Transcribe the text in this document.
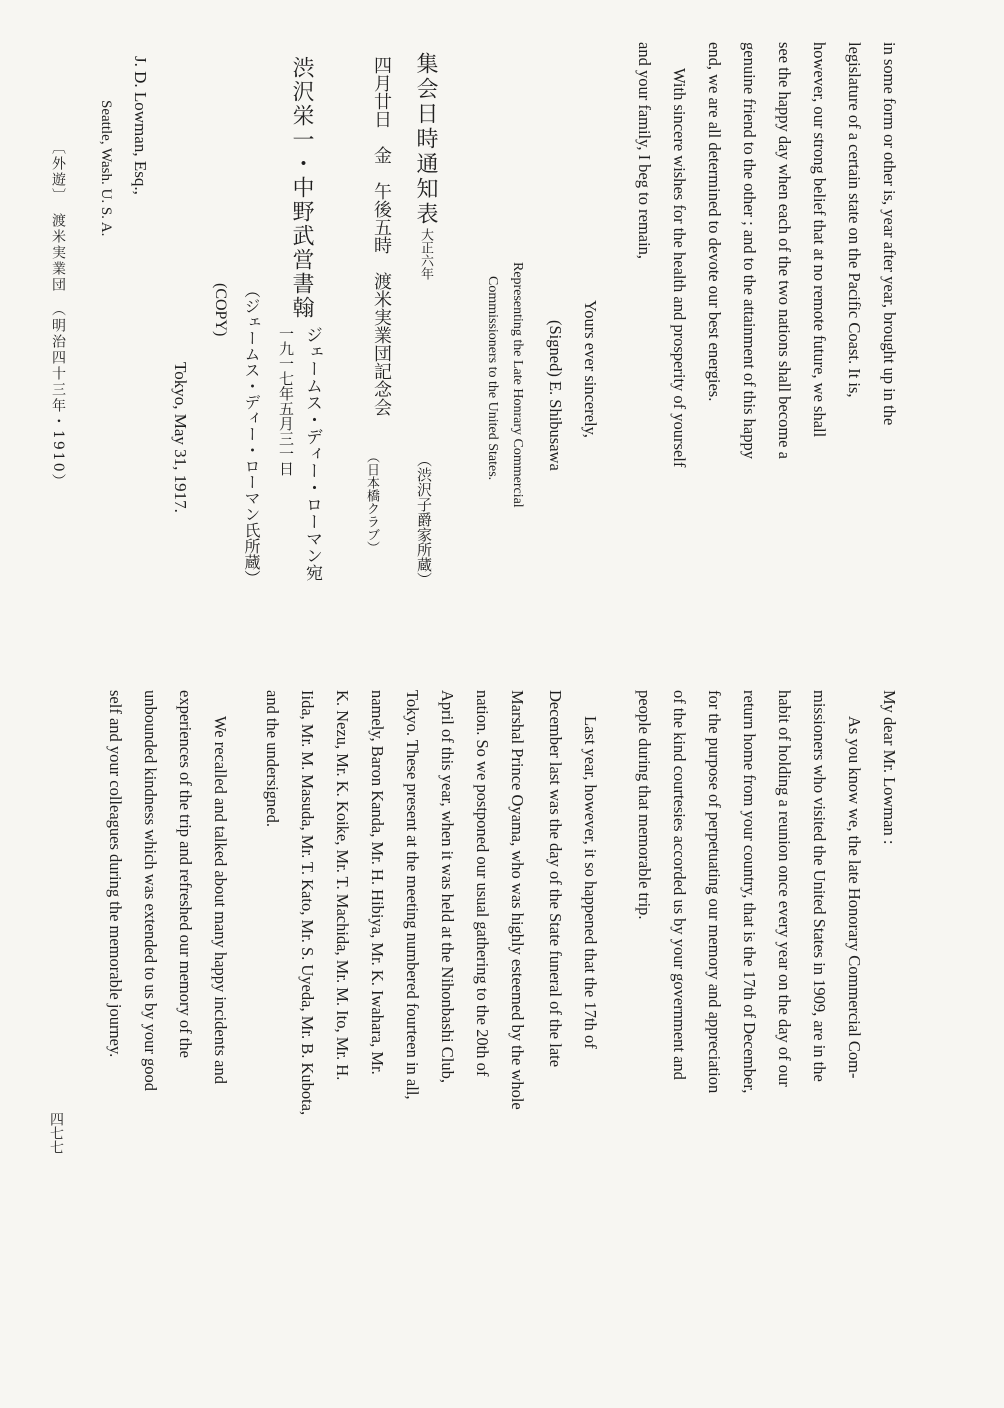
in some form or other is, year after year, brought up in the
legislature of a certain state on the Pacific Coast. It is,
however, our strong belief that at no remote future, we shall
see the happy day when each of the two nations shall become a
genuine friend to the other ; and to the attainment of this happy
end, we are all determined to devote our best energies.
With sincere wishes for the health and prosperity of yourself
and your family, I beg to remain,
Yours ever sincerely,
(Signed) E. Shibusawa
Representing the Late Honrary Commercial
Commissioners to the United States.
(COPY)
Tokyo, May 31, 1917.
J. D. Lowman, Esq.,
Seattle, Wash. U. S. A.
My dear Mr. Lowman :
As you know we, the late Honorary Commercial Com-
missioners who visited the United States in 1909, are in the
habit of holding a reunion once every year on the day of our
return home from your country, that is the 17th of December,
for the purpose of perpetuating our memory and appreciation
of the kind courtesies accorded us by your government and
people during that memorable trip.
Last year, however, it so happened that the 17th of
December last was the day of the State funeral of the late
Marshal Prince Oyama, who was highly esteemed by the whole
nation. So we postponed our usual gathering to the 20th of
April of this year, when it was held at the Nihonbashi Club,
Tokyo. These present at the meeting numbered fourteen in all,
namely, Baron Kanda, Mr. H. Hibiya, Mr. K. Iwahara, Mr.
K. Nezu, Mr. K. Koike, Mr. T. Machida, Mr. M. Ito, Mr. H.
Iida, Mr. M. Masuda, Mr. T. Kato, Mr. S. Uyeda, Mr. B. Kubota,
and the undersigned.
We recalled and talked about many happy incidents and
experiences of the trip and refreshed our memory of the
unbounded kindness which was extended to us by your good
self and your colleagues during the memorable journey.
集会日時通知表
大正六年
（渋沢子爵家所蔵）
四月廿日　金　午後五時　渡米実業団記念会
（日本橋クラブ）
渋沢栄一・中野武営書翰
ジェームス・ディー・ローマン宛
一九一七年五月三一日
（ジェームス・ディー・ローマン氏所蔵）
〔外遊〕　渡米実業団　（明治四十三年・1910）
四七七
